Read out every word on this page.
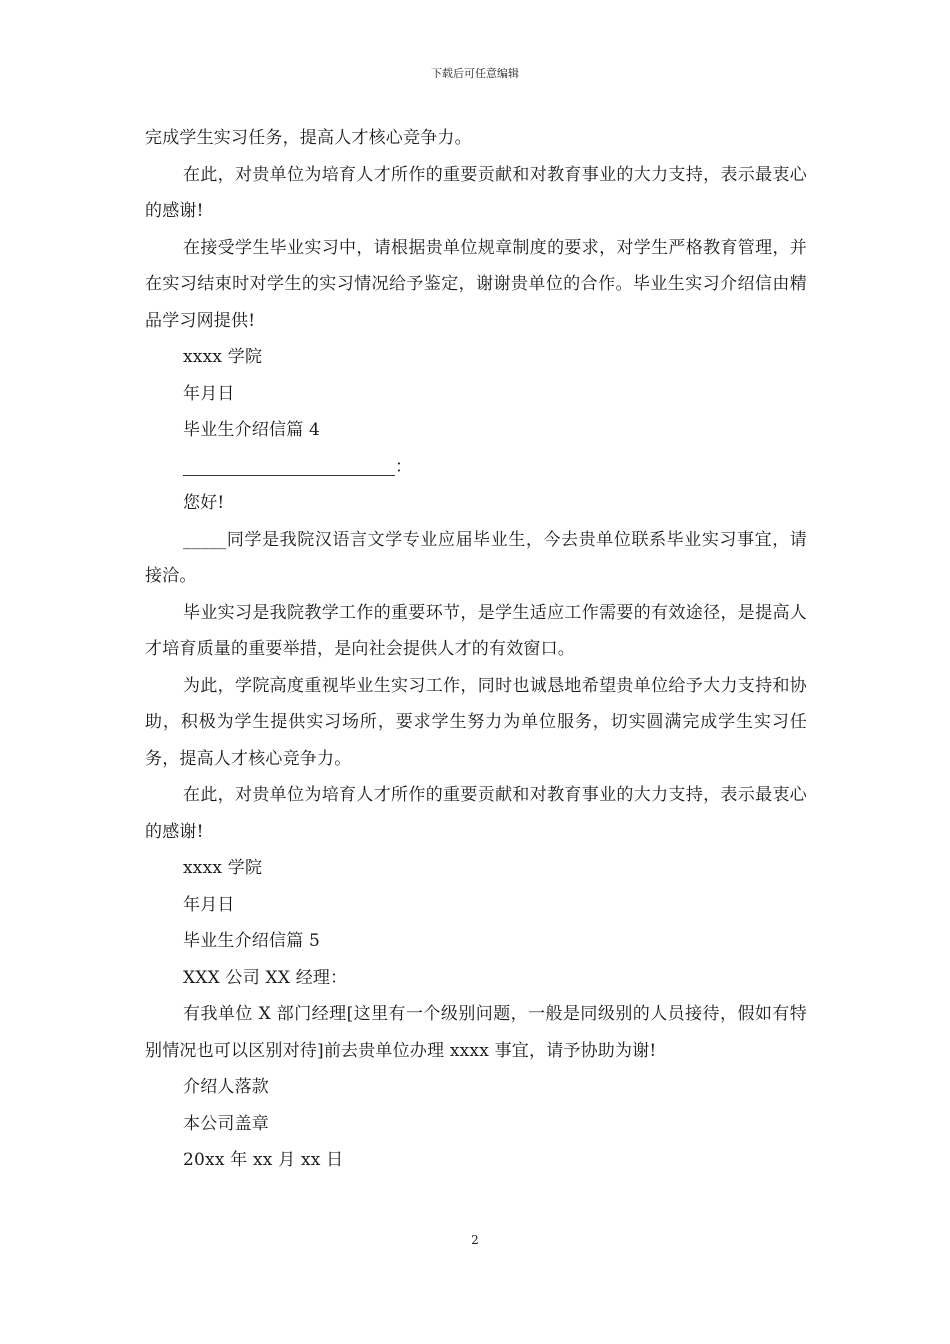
下载后可任意编辑

完成学生实习任务，提高人才核心竞争力。

在此，对贵单位为培育人才所作的重要贡献和对教育事业的大力支持，表示最衷心的感谢!

在接受学生毕业实习中，请根据贵单位规章制度的要求，对学生严格教育管理，并在实习结束时对学生的实习情况给予鉴定，谢谢贵单位的合作。毕业生实习介绍信由精品学习网提供!

xxxx 学院

年月日

毕业生介绍信篇 4

：

您好!

_____同学是我院汉语言文学专业应届毕业生，今去贵单位联系毕业实习事宜，请接洽。

毕业实习是我院教学工作的重要环节，是学生适应工作需要的有效途径，是提高人才培育质量的重要举措，是向社会提供人才的有效窗口。

为此，学院高度重视毕业生实习工作，同时也诚恳地希望贵单位给予大力支持和协助，积极为学生提供实习场所，要求学生努力为单位服务，切实圆满完成学生实习任务，提高人才核心竞争力。

在此，对贵单位为培育人才所作的重要贡献和对教育事业的大力支持，表示最衷心的感谢!

xxxx 学院

年月日

毕业生介绍信篇 5

XXX 公司 XX 经理：

有我单位 X 部门经理[这里有一个级别问题，一般是同级别的人员接待，假如有特别情况也可以区别对待]前去贵单位办理 xxxx 事宜，请予协助为谢!

介绍人落款

本公司盖章

20xx 年 xx 月 xx 日

2
